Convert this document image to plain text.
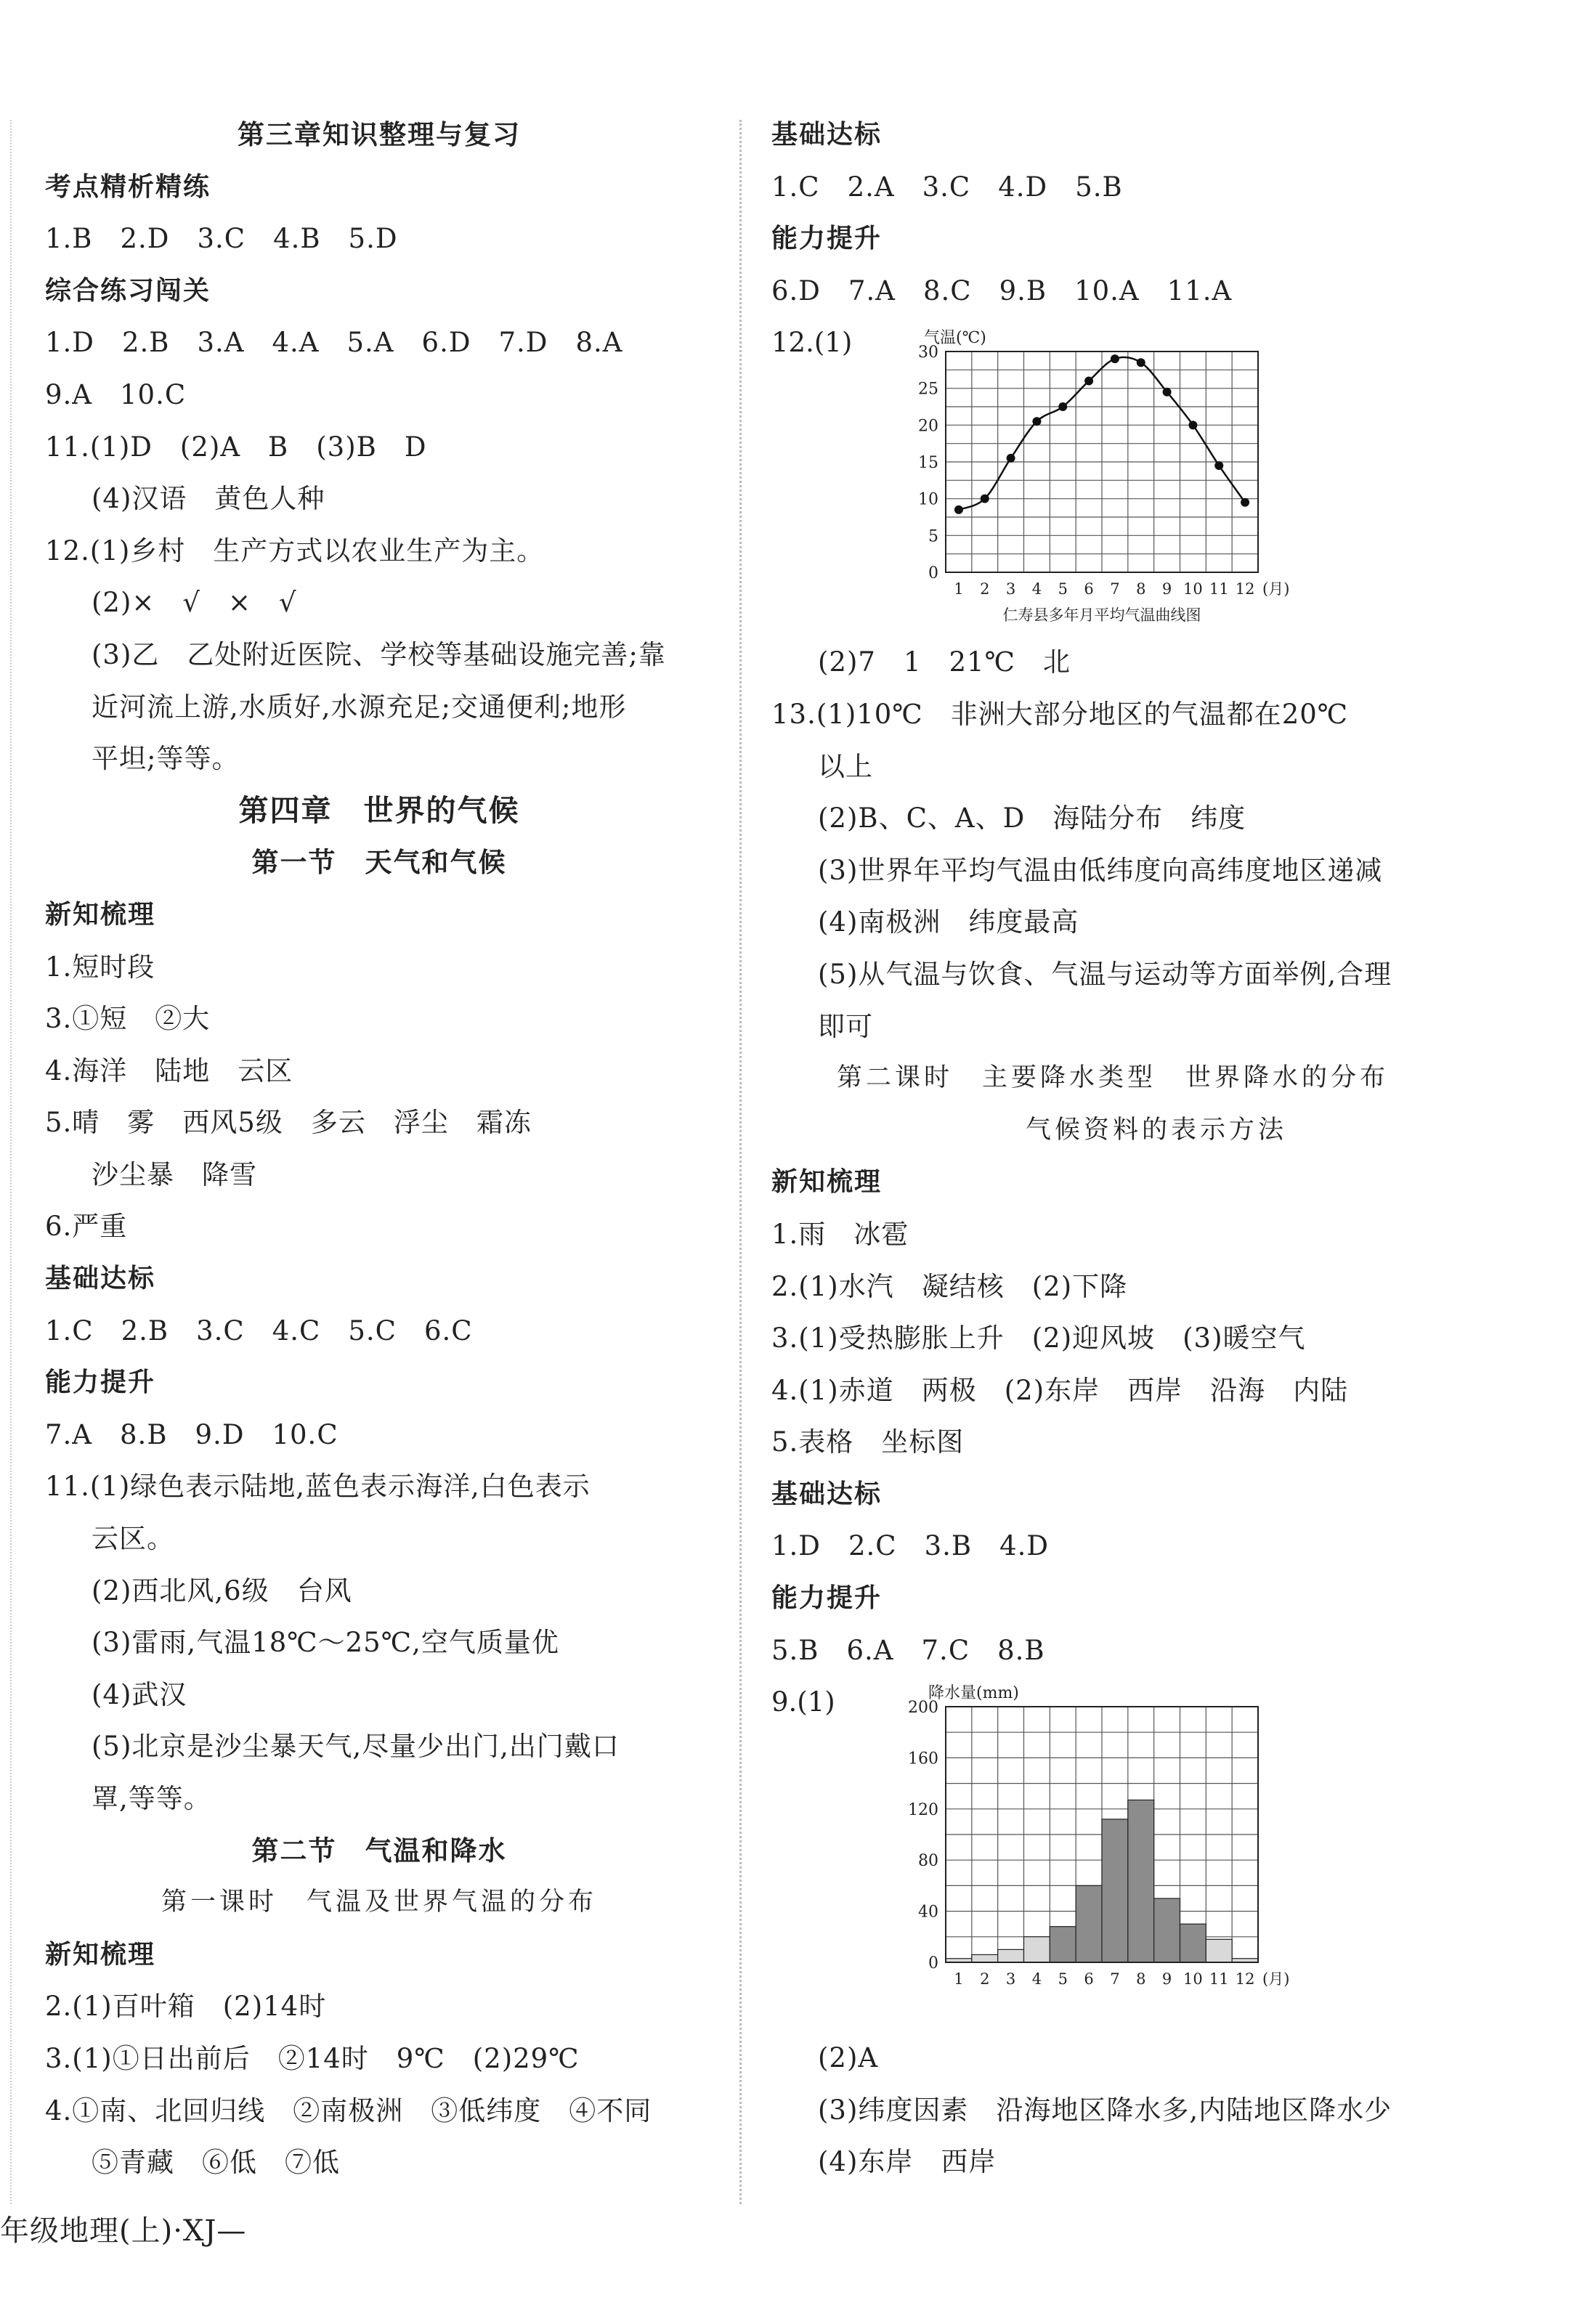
第三章知识整理与复习
考点精析精练
1.B　2.D　3.C　4.B　5.D
综合练习闯关
1.D　2.B　3.A　4.A　5.A　6.D　7.D　8.A
9.A　10.C
11.(1)D　(2)A　B　(3)B　D
(4)汉语　黄色人种
12.(1)乡村　生产方式以农业生产为主。
(2)×　√　×　√
(3)乙　乙处附近医院、学校等基础设施完善;靠
近河流上游,水质好,水源充足;交通便利;地形
平坦;等等。
第四章　世界的气候
第一节　天气和气候
新知梳理
1.短时段
3.①短　②大
4.海洋　陆地　云区
5.晴　雾　西风5级　多云　浮尘　霜冻
沙尘暴　降雪
6.严重
基础达标
1.C　2.B　3.C　4.C　5.C　6.C
能力提升
7.A　8.B　9.D　10.C
11.(1)绿色表示陆地,蓝色表示海洋,白色表示
云区。
(2)西北风,6级　台风
(3)雷雨,气温18℃～25℃,空气质量优
(4)武汉
(5)北京是沙尘暴天气,尽量少出门,出门戴口
罩,等等。
第二节　气温和降水
第一课时　气温及世界气温的分布
新知梳理
2.(1)百叶箱　(2)14时
3.(1)①日出前后　②14时　9℃　(2)29℃
4.①南、北回归线　②南极洲　③低纬度　④不同
⑤青藏　⑥低　⑦低
基础达标
1.C　2.A　3.C　4.D　5.B
能力提升
6.D　7.A　8.C　9.B　10.A　11.A
12.(1)
0
5
10
15
20
25
30
1 2 3 4 5 6 7 8 9 10 11 12 (月)
气温(℃)
仁寿县多年月平均气温曲线图
(2)7　1　21℃　北
13.(1)10℃　非洲大部分地区的气温都在20℃
以上
(2)B、C、A、D　海陆分布　纬度
(3)世界年平均气温由低纬度向高纬度地区递减
(4)南极洲　纬度最高
(5)从气温与饮食、气温与运动等方面举例,合理
即可
第二课时　主要降水类型　世界降水的分布
气候资料的表示方法
新知梳理
1.雨　冰雹
2.(1)水汽　凝结核　(2)下降
3.(1)受热膨胀上升　(2)迎风坡　(3)暖空气
4.(1)赤道　两极　(2)东岸　西岸　沿海　内陆
5.表格　坐标图
基础达标
1.D　2.C　3.B　4.D
能力提升
5.B　6.A　7.C　8.B
9.(1)
0
40
80
120
160
200
1 2 3 4 5 6 7 8 9 10 11 12 (月)
降水量(mm)
(2)A
(3)纬度因素　沿海地区降水多,内陆地区降水少
(4)东岸　西岸
年级地理(上)·XJ—
